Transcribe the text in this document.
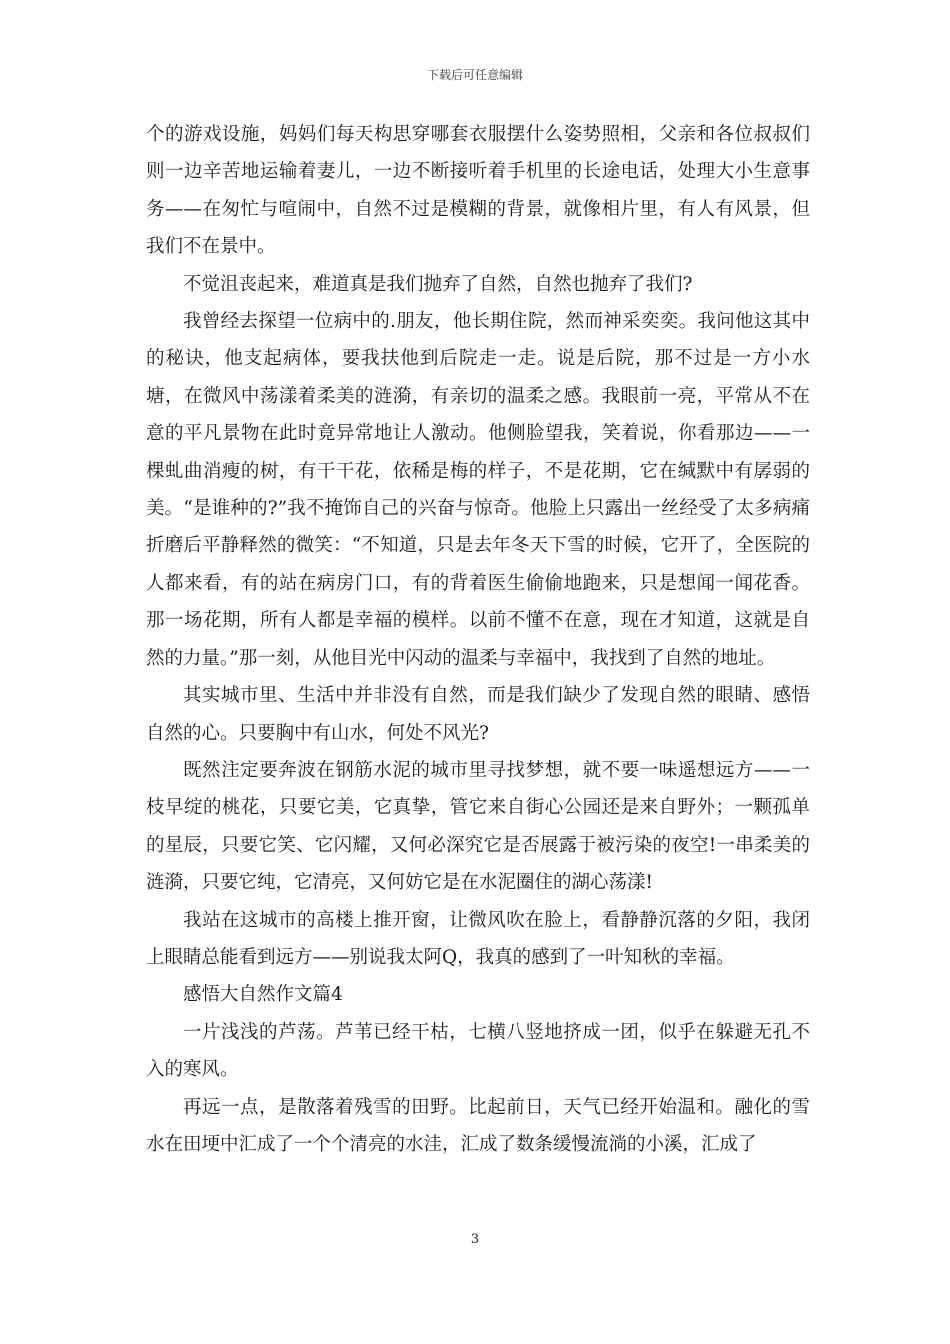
下载后可任意编辑

个的游戏设施，妈妈们每天构思穿哪套衣服摆什么姿势照相，父亲和各位叔叔们则一边辛苦地运输着妻儿，一边不断接听着手机里的长途电话，处理大小生意事务——在匆忙与喧闹中，自然不过是模糊的背景，就像相片里，有人有风景，但我们不在景中。

不觉沮丧起来，难道真是我们抛弃了自然，自然也抛弃了我们?

我曾经去探望一位病中的.朋友，他长期住院，然而神采奕奕。我问他这其中的秘诀，他支起病体，要我扶他到后院走一走。说是后院，那不过是一方小水塘，在微风中荡漾着柔美的涟漪，有亲切的温柔之感。我眼前一亮，平常从不在意的平凡景物在此时竟异常地让人激动。他侧脸望我，笑着说，你看那边——一棵虬曲消瘦的树，有干干花，依稀是梅的样子，不是花期，它在缄默中有孱弱的美。“是谁种的?”我不掩饰自己的兴奋与惊奇。他脸上只露出一丝经受了太多病痛折磨后平静释然的微笑：“不知道，只是去年冬天下雪的时候，它开了，全医院的人都来看，有的站在病房门口，有的背着医生偷偷地跑来，只是想闻一闻花香。那一场花期，所有人都是幸福的模样。以前不懂不在意，现在才知道，这就是自然的力量。”那一刻，从他目光中闪动的温柔与幸福中，我找到了自然的地址。

其实城市里、生活中并非没有自然，而是我们缺少了发现自然的眼睛、感悟自然的心。只要胸中有山水，何处不风光?

既然注定要奔波在钢筋水泥的城市里寻找梦想，就不要一味遥想远方——一枝早绽的桃花，只要它美，它真挚，管它来自街心公园还是来自野外；一颗孤单的星辰，只要它笑、它闪耀，又何必深究它是否展露于被污染的夜空!一串柔美的涟漪，只要它纯，它清亮，又何妨它是在水泥圈住的湖心荡漾!

我站在这城市的高楼上推开窗，让微风吹在脸上，看静静沉落的夕阳，我闭上眼睛总能看到远方——别说我太阿Q，我真的感到了一叶知秋的幸福。

感悟大自然作文篇4

一片浅浅的芦荡。芦苇已经干枯，七横八竖地挤成一团，似乎在躲避无孔不入的寒风。

再远一点，是散落着残雪的田野。比起前日，天气已经开始温和。融化的雪水在田埂中汇成了一个个清亮的水洼，汇成了数条缓慢流淌的小溪，汇成了

3
